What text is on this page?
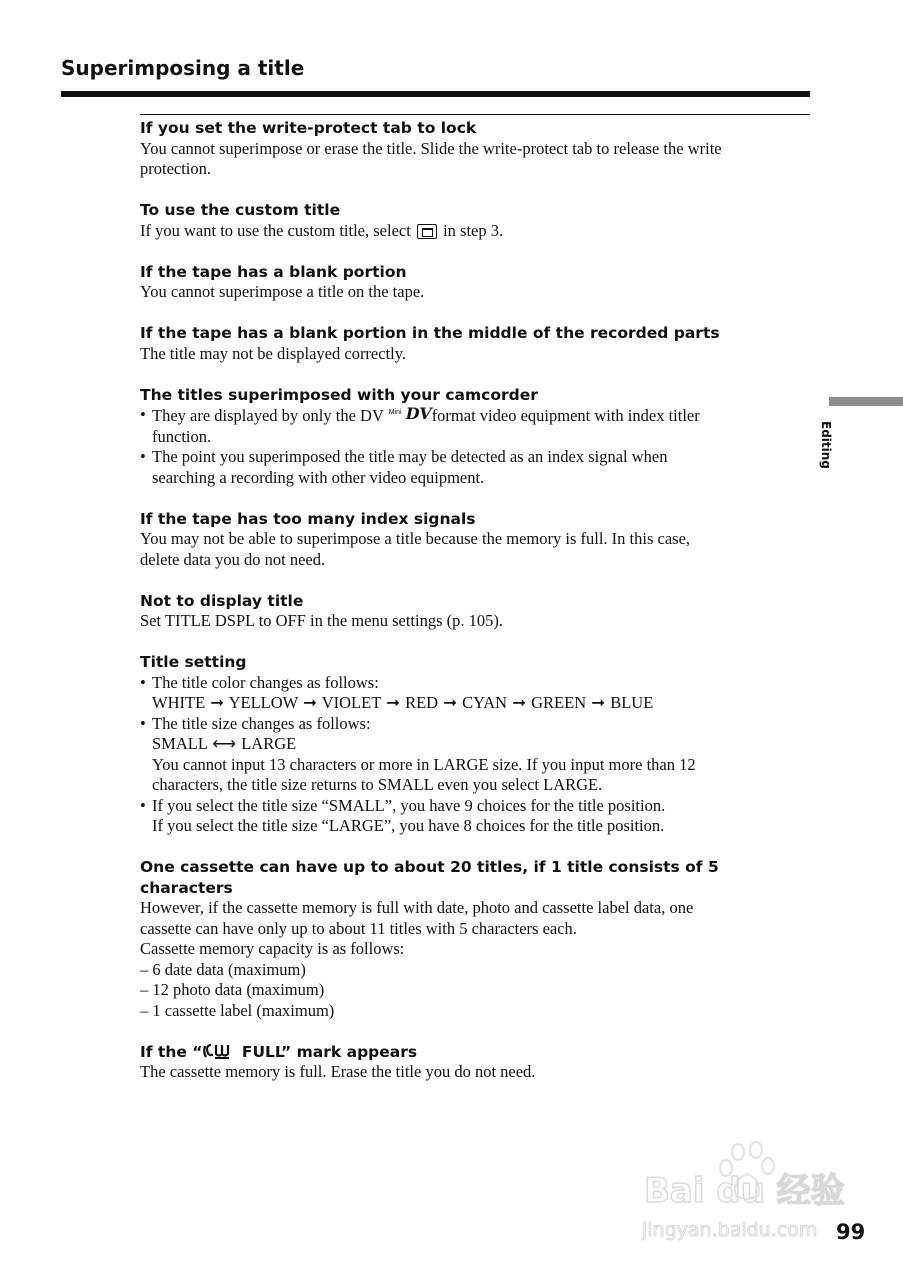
Superimposing a title
If you set the write-protect tab to lock
You cannot superimpose or erase the title. Slide the write-protect tab to release the write
protection.
To use the custom title
If you want to use the custom title, select in step 3.
If the tape has a blank portion
You cannot superimpose a title on the tape.
If the tape has a blank portion in the middle of the recorded parts
The title may not be displayed correctly.
The titles superimposed with your camcorder
• They are displayed by only the DV Mini DV format video equipment with index titler
function.
• The point you superimposed the title may be detected as an index signal when
searching a recording with other video equipment.
If the tape has too many index signals
You may not be able to superimpose a title because the memory is full. In this case,
delete data you do not need.
Not to display title
Set TITLE DSPL to OFF in the menu settings (p. 105).
Title setting
• The title color changes as follows:
WHITE ➞ YELLOW ➞ VIOLET ➞ RED ➞ CYAN ➞ GREEN ➞ BLUE
• The title size changes as follows:
SMALL ⟷ LARGE
You cannot input 13 characters or more in LARGE size. If you input more than 12
characters, the title size returns to SMALL even you select LARGE.
• If you select the title size “SMALL”, you have 9 choices for the title position.
If you select the title size “LARGE”, you have 8 choices for the title position.
One cassette can have up to about 20 titles, if 1 title consists of 5 characters
However, if the cassette memory is full with date, photo and cassette label data, one
cassette can have only up to about 11 titles with 5 characters each.
Cassette memory capacity is as follows:
– 6 date data (maximum)
– 12 photo data (maximum)
– 1 cassette label (maximum)
If the “ FULL” mark appears
The cassette memory is full. Erase the title you do not need.
Editing
Bai du 经验
jingyan.baidu.com 99
